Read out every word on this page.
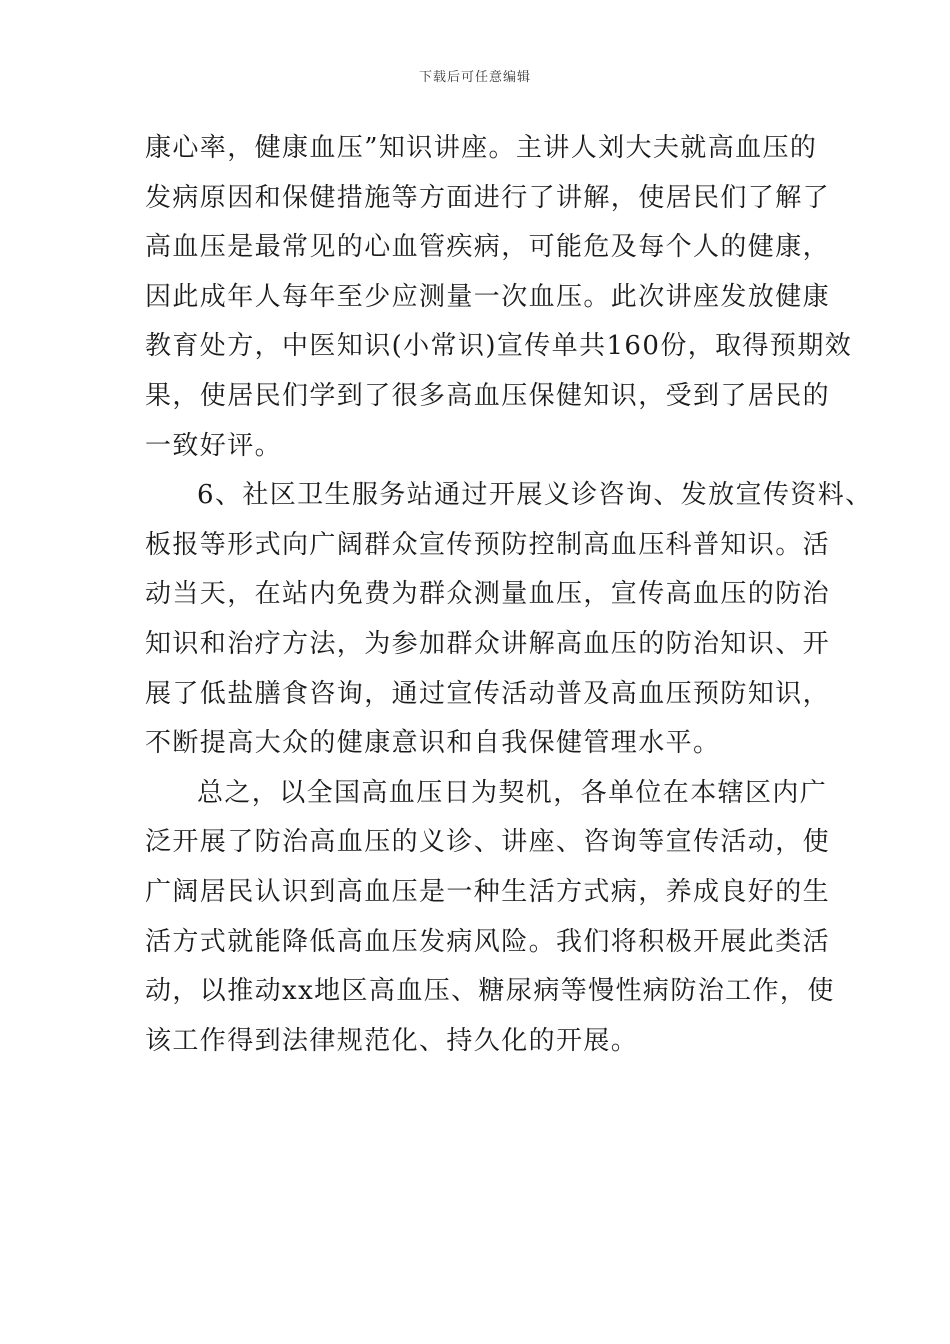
下载后可任意编辑
康心率，健康血压”知识讲座。主讲人刘大夫就高血压的
发病原因和保健措施等方面进行了讲解，使居民们了解了
高血压是最常见的心血管疾病，可能危及每个人的健康，
因此成年人每年至少应测量一次血压。此次讲座发放健康
教育处方，中医知识(小常识)宣传单共160份，取得预期效
果，使居民们学到了很多高血压保健知识，受到了居民的
一致好评。
6、社区卫生服务站通过开展义诊咨询、发放宣传资料、
板报等形式向广阔群众宣传预防控制高血压科普知识。活
动当天，在站内免费为群众测量血压，宣传高血压的防治
知识和治疗方法，为参加群众讲解高血压的防治知识、开
展了低盐膳食咨询，通过宣传活动普及高血压预防知识，
不断提高大众的健康意识和自我保健管理水平。
总之，以全国高血压日为契机，各单位在本辖区内广
泛开展了防治高血压的义诊、讲座、咨询等宣传活动，使
广阔居民认识到高血压是一种生活方式病，养成良好的生
活方式就能降低高血压发病风险。我们将积极开展此类活
动，以推动xx地区高血压、糖尿病等慢性病防治工作，使
该工作得到法律规范化、持久化的开展。
